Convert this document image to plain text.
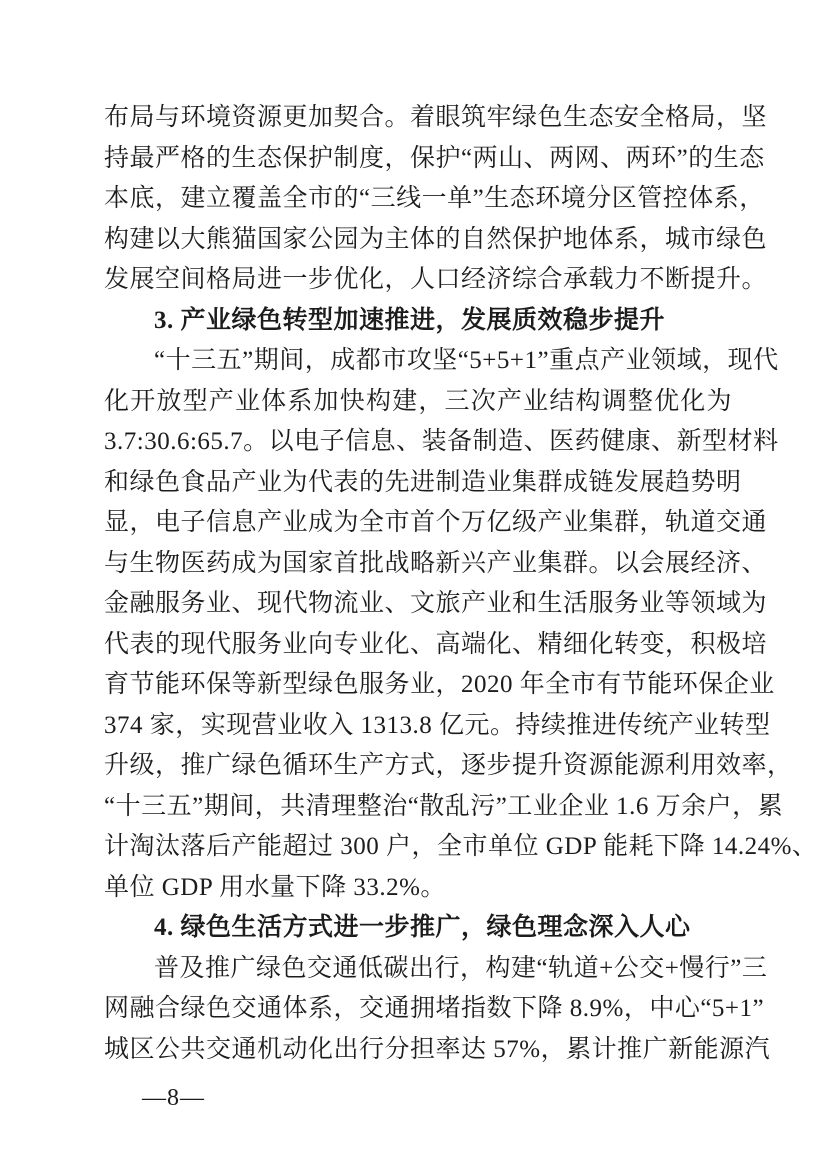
布局与环境资源更加契合。着眼筑牢绿色生态安全格局，坚
持最严格的生态保护制度，保护“两山、两网、两环”的生态
本底，建立覆盖全市的“三线一单”生态环境分区管控体系，
构建以大熊猫国家公园为主体的自然保护地体系，城市绿色
发展空间格局进一步优化，人口经济综合承载力不断提升。
3. 产业绿色转型加速推进，发展质效稳步提升
“十三五”期间，成都市攻坚“5+5+1”重点产业领域，现代
化开放型产业体系加快构建，三次产业结构调整优化为
3.7:30.6:65.7。以电子信息、装备制造、医药健康、新型材料
和绿色食品产业为代表的先进制造业集群成链发展趋势明
显，电子信息产业成为全市首个万亿级产业集群，轨道交通
与生物医药成为国家首批战略新兴产业集群。以会展经济、
金融服务业、现代物流业、文旅产业和生活服务业等领域为
代表的现代服务业向专业化、高端化、精细化转变，积极培
育节能环保等新型绿色服务业，2020 年全市有节能环保企业
374 家，实现营业收入 1313.8 亿元。持续推进传统产业转型
升级，推广绿色循环生产方式，逐步提升资源能源利用效率，
“十三五”期间，共清理整治“散乱污”工业企业 1.6 万余户，累
计淘汰落后产能超过 300 户，全市单位 GDP 能耗下降 14.24%、
单位 GDP 用水量下降 33.2%。
4. 绿色生活方式进一步推广，绿色理念深入人心
普及推广绿色交通低碳出行，构建“轨道+公交+慢行”三
网融合绿色交通体系，交通拥堵指数下降 8.9%，中心“5+1”
城区公共交通机动化出行分担率达 57%，累计推广新能源汽
—8—
